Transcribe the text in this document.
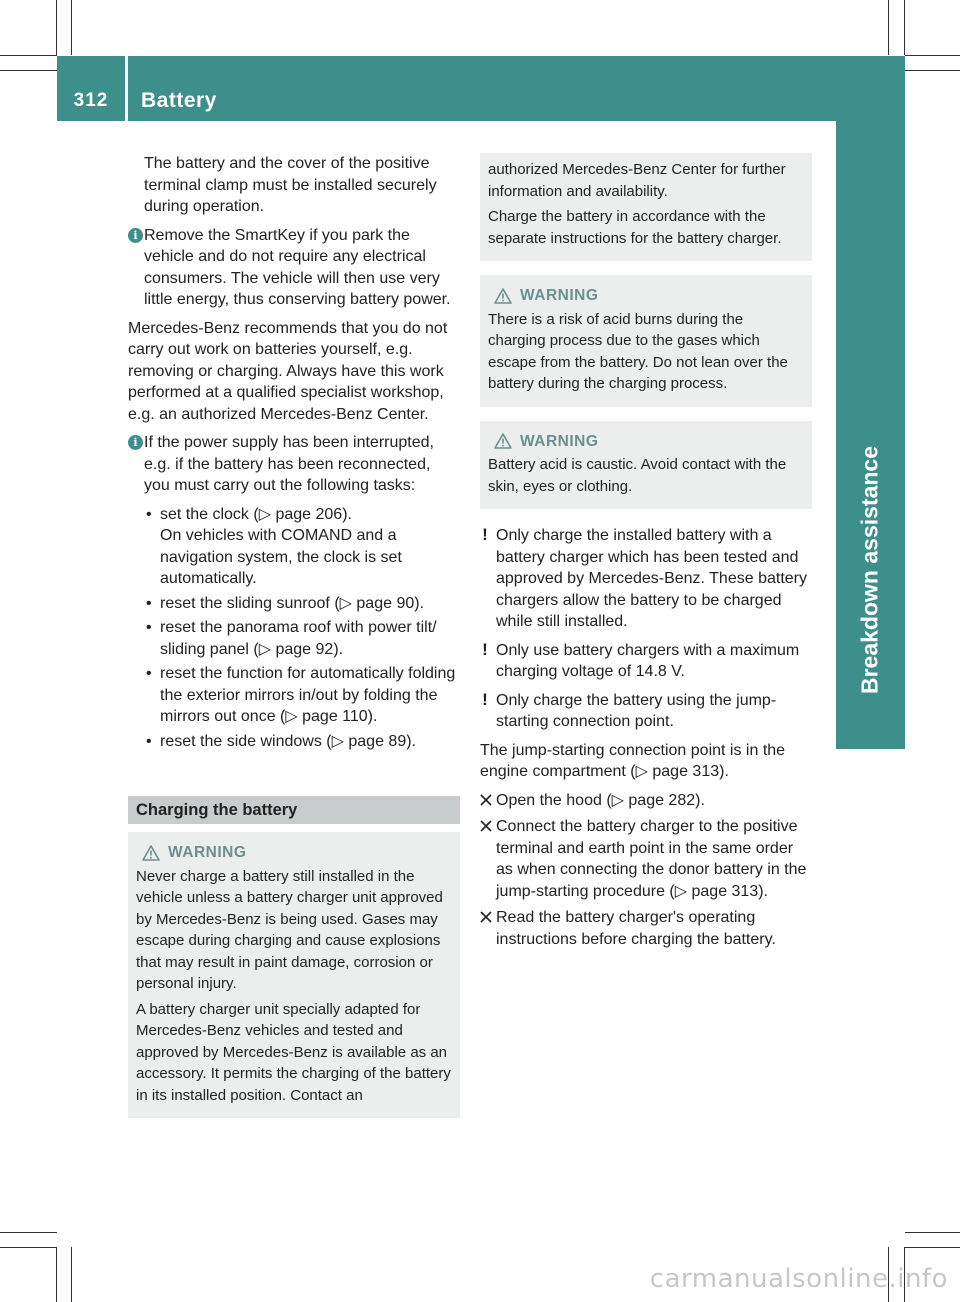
312	Battery
Breakdown assistance

The battery and the cover of the positive terminal clamp must be installed securely during operation.

i Remove the SmartKey if you park the vehicle and do not require any electrical consumers. The vehicle will then use very little energy, thus conserving battery power.

Mercedes-Benz recommends that you do not carry out work on batteries yourself, e.g. removing or charging. Always have this work performed at a qualified specialist workshop, e.g. an authorized Mercedes-Benz Center.

i If the power supply has been interrupted, e.g. if the battery has been reconnected, you must carry out the following tasks:
• set the clock (▷ page 206).
On vehicles with COMAND and a navigation system, the clock is set automatically.
• reset the sliding sunroof (▷ page 90).
• reset the panorama roof with power tilt/ sliding panel (▷ page 92).
• reset the function for automatically folding the exterior mirrors in/out by folding the mirrors out once (▷ page 110).
• reset the side windows (▷ page 89).
Charging the battery
WARNING

Never charge a battery still installed in the vehicle unless a battery charger unit approved by Mercedes-Benz is being used. Gases may escape during charging and cause explosions that may result in paint damage, corrosion or personal injury.

A battery charger unit specially adapted for Mercedes-Benz vehicles and tested and approved by Mercedes-Benz is available as an accessory. It permits the charging of the battery in its installed position. Contact an

authorized Mercedes-Benz Center for further information and availability.

Charge the battery in accordance with the separate instructions for the battery charger.

WARNING

There is a risk of acid burns during the charging process due to the gases which escape from the battery. Do not lean over the battery during the charging process.

WARNING

Battery acid is caustic. Avoid contact with the skin, eyes or clothing.

! Only charge the installed battery with a battery charger which has been tested and approved by Mercedes-Benz. These battery chargers allow the battery to be charged while still installed.
! Only use battery chargers with a maximum charging voltage of 14.8 V.
! Only charge the battery using the jump-starting connection point.

The jump-starting connection point is in the engine compartment (▷ page 313).

Open the hood (▷ page 282).
Connect the battery charger to the positive terminal and earth point in the same order as when connecting the donor battery in the jump-starting procedure (▷ page 313).
Read the battery charger's operating instructions before charging the battery.
carmanualsonline.info
